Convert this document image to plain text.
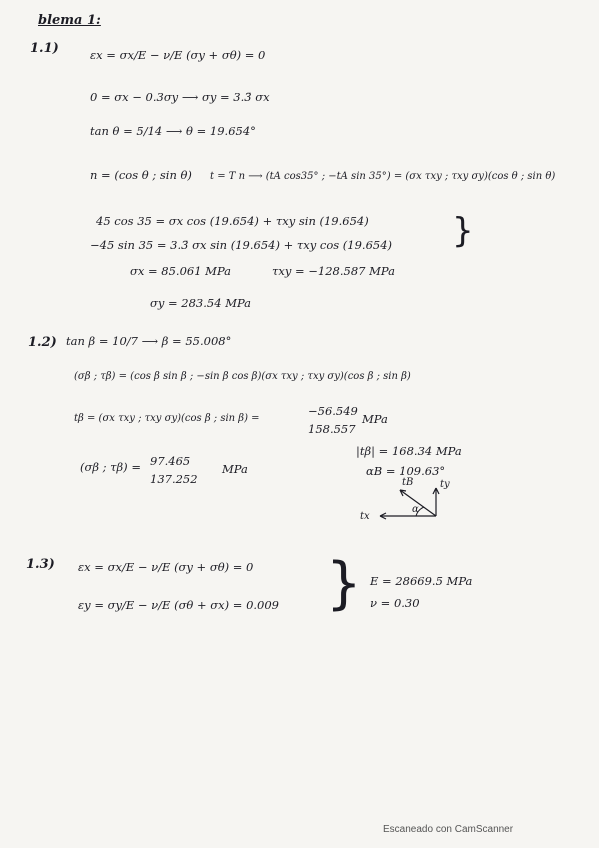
blema 1:
1.1)	εx = σx/E − ν/E (σy + σθ) = 0
0 = σx − 0.3σy ⟶ σy = 3.3̄ σx
tan θ = 5/14 ⟶ θ = 19.654°
n = (cos θ ; sin θ) t = T n ⟶ (tA cos35° ; −tA sin 35°) = (σx τxy ; τxy σy)(cos θ ; sin θ)
45 cos 35 = σx cos (19.654) + τxy sin (19.654)
−45 sin 35 = 3.3̄ σx sin (19.654) + τxy cos (19.654) }
σx = 85.061 MPa	τxy = −128.587 MPa
σy = 283.54 MPa
1.2) tan β = 10/7 ⟶ β = 55.008°
(σβ ; τβ) = (cos β sin β ; −sin β cos β)(σx τxy ; τxy σy)(cos β ; sin β)
tβ = (σx τxy ; τxy σy)(cos β ; sin β) =
−56.549
158.557
MPa
(σβ ; τβ) = 97.465
137.252
MPa
|tβ| = 168.34 MPa
αB = 109.63°
tB	ty
tx
α
1.3) εx = σx/E − ν/E (σy + σθ) = 0
εy = σy/E − ν/E (σθ + σx) = 0.009 } E = 28669.5 MPa
ν = 0.30
Escaneado con CamScanner
